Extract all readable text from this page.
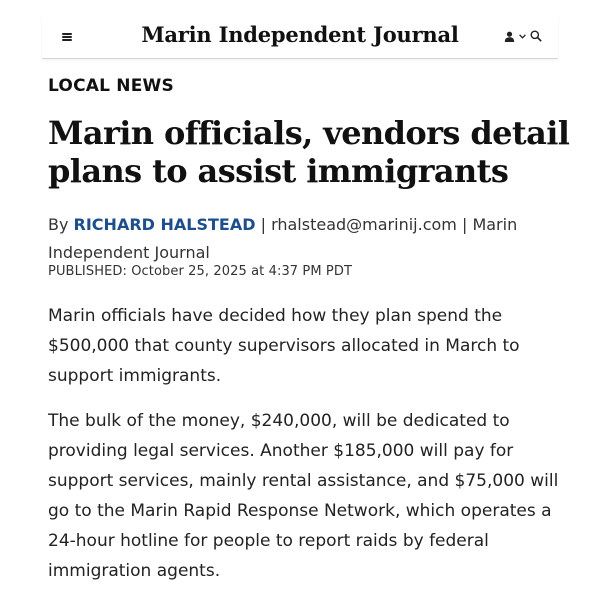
Marin Independent Journal
LOCAL NEWS
Marin officials, vendors detail
plans to assist immigrants
By RICHARD HALSTEAD | rhalstead@marinij.com | Marin
Independent Journal
PUBLISHED: October 25, 2025 at 4:37 PM PDT
Marin officials have decided how they plan spend the
$500,000 that county supervisors allocated in March to
support immigrants.
The bulk of the money, $240,000, will be dedicated to
providing legal services. Another $185,000 will pay for
support services, mainly rental assistance, and $75,000 will
go to the Marin Rapid Response Network, which operates a
24-hour hotline for people to report raids by federal
immigration agents.
